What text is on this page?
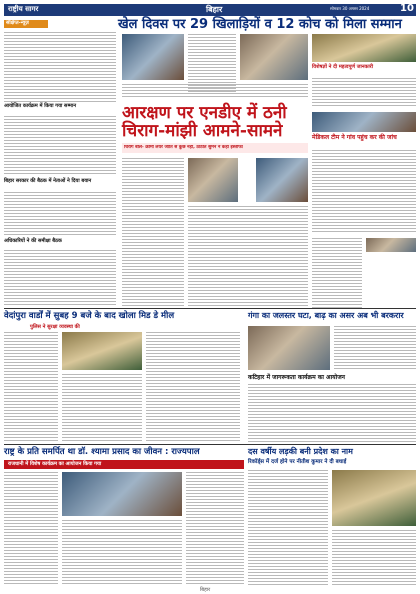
राष्ट्रीय सागर	बिहार	सोमवार 30 अगस्त 2024	10
खेल दिवस पर 29 खिलाड़ियों व 12 कोच को मिला सम्मान
संक्षिप्त-न्यूज़
आयोजित कार्यक्रम में किया गया सम्मान
बिहार सरकार की बैठक में नेताओं ने दिया बयान
अधिकारियों ने की समीक्षा बैठक
विशेषज्ञों ने दी महत्वपूर्ण जानकारी
मेडिकल टीम ने गांव पहुंच कर की जांच
आरक्षण पर एनडीए में ठनी
चिराग-मांझी आमने-सामने
चिराग बोले- क्रीमी लेयर जाति से कुछ नहीं, ठाठीत सुमन ने कहा इस्तीफा
वेदांपुरा वार्डों में सुबह 9 बजे के बाद खोला मिड डे मील	गंगा का जलस्तर घटा, बाढ़ का असर अब भी बरकरार
पुलिस ने सुरक्षा व्यवस्था की
कटिहार में जागरूकता कार्यक्रम का आयोजन
राष्ट्र के प्रति समर्पित था डॉ. श्यामा प्रसाद का जीवन : राज्यपाल	दस वर्षीय लड़की बनी प्रदेश का नाम
रिकॉर्ड्स में दर्ज होने पर नीतीश कुमार ने दी बधाई
राजधानी में विशेष कार्यक्रम का आयोजन किया गया
बिहार
